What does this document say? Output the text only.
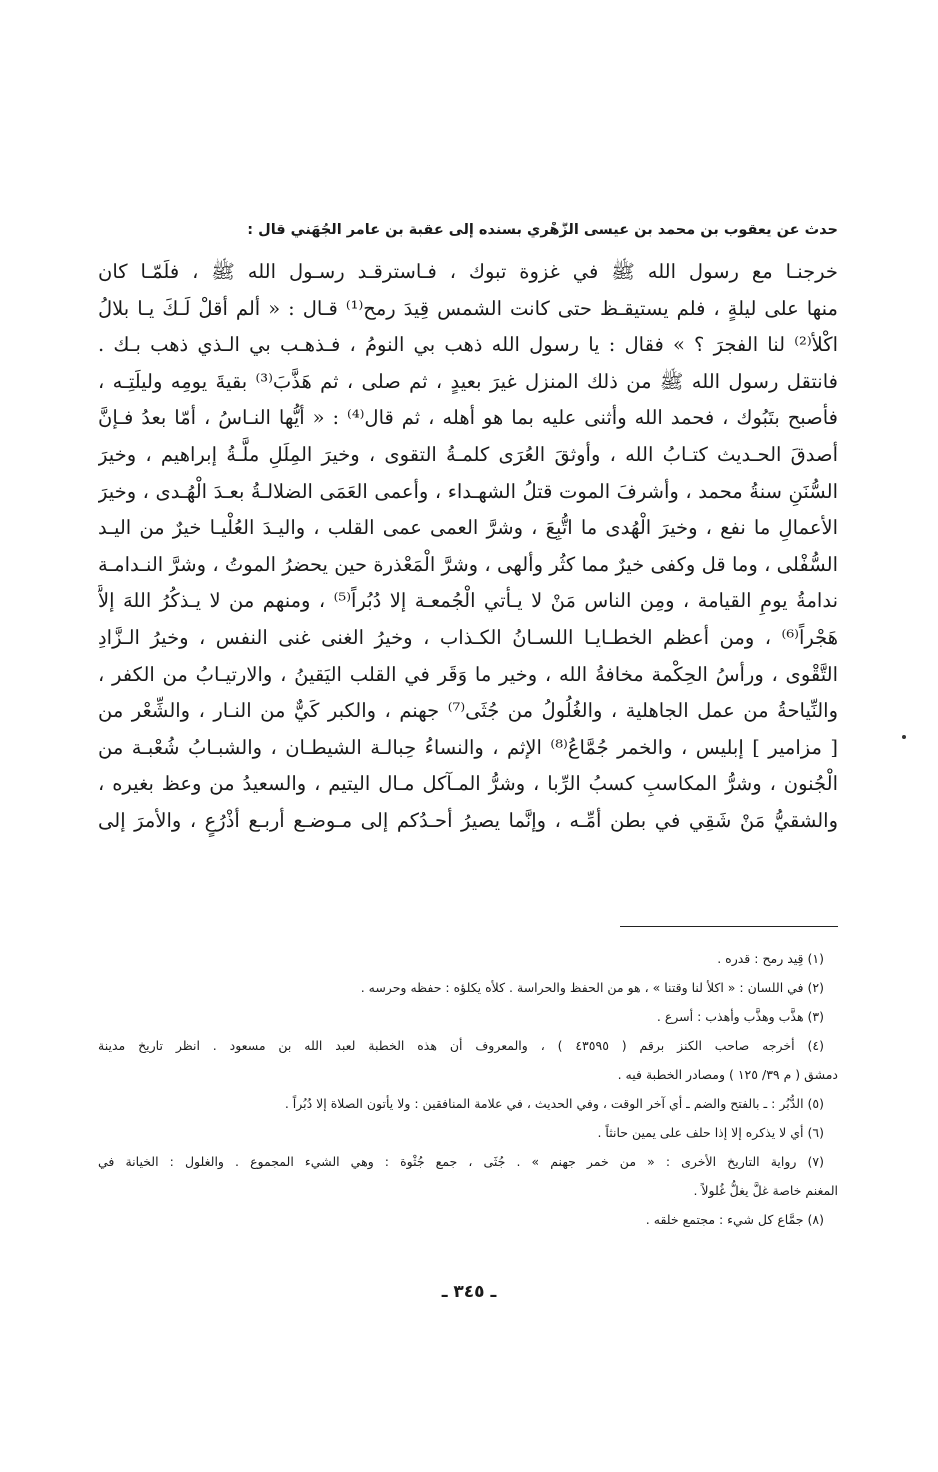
حدث عن يعقوب بن محمد بن عيسى الزُّهْري بسنده إلى عقبة بن عامر الجُهَني قال :
خرجنـا مع رسول الله ﷺ في غزوة تبوك ، فـاسترقـد رسـول الله ﷺ ، فلَمّـا كان
منها على ليلةٍ ، فلم يستيقـظ حتى كانت الشمس قِيدَ رمح⁽¹⁾ قـال : « ألم أقلْ لَـكَ يـا بلالُ
اكْلأ⁽²⁾ لنا الفجرَ ؟ » فقال : يا رسول الله ذهب بي النومُ ، فـذهـب بي الـذي ذهب بـك .
فانتقل رسول الله ﷺ من ذلك المنزل غيرَ بعيدٍ ، ثم صلى ، ثم هَذَّبَ⁽³⁾ بقيةَ يومِه وليلَتِـه ،
فأصبح بتَبُوك ، فحمد الله وأثنى عليه بما هو أهله ، ثم قال⁽⁴⁾ : « أيُّها النـاسُ ، أمّا بعدُ فـإنَّ
أصدقَ الحـديث كتـابُ الله ، وأوثقَ العُرَى كلمـةُ التقوى ، وخيرَ المِلَلِ ملَّـةُ إبراهيم ، وخيرَ
السُّنَنِ سنةُ محمد ، وأشرفَ الموت قتلُ الشهـداء ، وأعمى العَمَى الضلالـةُ بعـدَ الْهُـدى ، وخيرَ
الأعمالِ ما نفع ، وخيرَ الْهُدى ما اتُّبِعَ ، وشرَّ العمى عمى القلب ، واليـدَ العُلْيـا خيرٌ من اليـد
السُّفْلى ، وما قل وكفى خيرٌ مما كثُر وألهى ، وشرَّ الْمَعْذرة حين يحضرُ الموتُ ، وشرَّ النـدامـة
ندامةُ يومِ القيامة ، ومِن الناس مَنْ لا يـأتي الْجُمعـة إلا دُبُراً⁽⁵⁾ ، ومنهم من لا يـذكُرُ اللهَ إلاَّ
هَجْراً⁽⁶⁾ ، ومن أعظم الخطـايـا اللسـانُ الكـذاب ، وخيرُ الغنى غنى النفس ، وخيرُ الـزَّادِ
التَّقْوى ، ورأسُ الحِكْمة مخافةُ الله ، وخير ما وَقَر في القلب اليَقينُ ، والارتيـابُ من الكفر ،
والنِّياحةُ من عمل الجاهلية ، والغُلُولُ من جُثَى⁽⁷⁾ جهنم ، والكبر كَيٌّ من النـار ، والشِّعْر من
[ مزامير ] إبليس ، والخمر جُمَّاعُ⁽⁸⁾ الإثم ، والنساءُ حِبالـة الشيطـان ، والشبـابُ شُعْبـة من
الْجُنون ، وشرُّ المكاسبِ كسبُ الرِّبا ، وشرُّ المـآكل مـال اليتيم ، والسعيدُ من وعظ بغيره ،
والشقيُّ مَنْ شَقِي في بطن أمِّـه ، وإنَّما يصيرُ أحـدُكم إلى مـوضـع أربـع أذْرُعٍ ، والأمرَ إلى
(١) قِيد رمح : قدره .
(٢) في اللسان : « اكلأ لنا وقتنا » ، هو من الحفظ والحراسة . كلأه يكلؤه : حفظه وحرسه .
(٣) هذَّب وهذَّب وأهذب : أسرع .
(٤) أخرجه صاحب الكنز برقم ( ٤٣٥٩٥ ) ، والمعروف أن هذه الخطبة لعبد الله بن مسعود . انظر تاريخ مدينة
دمشق ( م ٣٩/ ١٢٥ ) ومصادر الخطبة فيه .
(٥) الدُّبُر : ـ بالفتح والضم ـ أي آخر الوقت ، وفي الحديث ، في علامة المنافقين : ولا يأتون الصلاة إلا دُبُراً .
(٦) أي لا يذكره إلا إذا حلف على يمين حانثاً .
(٧) رواية التاريخ الأخرى : « من خمر جهنم » . جُثَى ، جمع جُثْوة : وهي الشيء المجموع . والغلول : الخيانة في
المغنم خاصة غلَّ يغلُّ غُلولاً .
(٨) جمَّاع كل شيء : مجتمع خلقه .
ـ ٣٤٥ ـ
